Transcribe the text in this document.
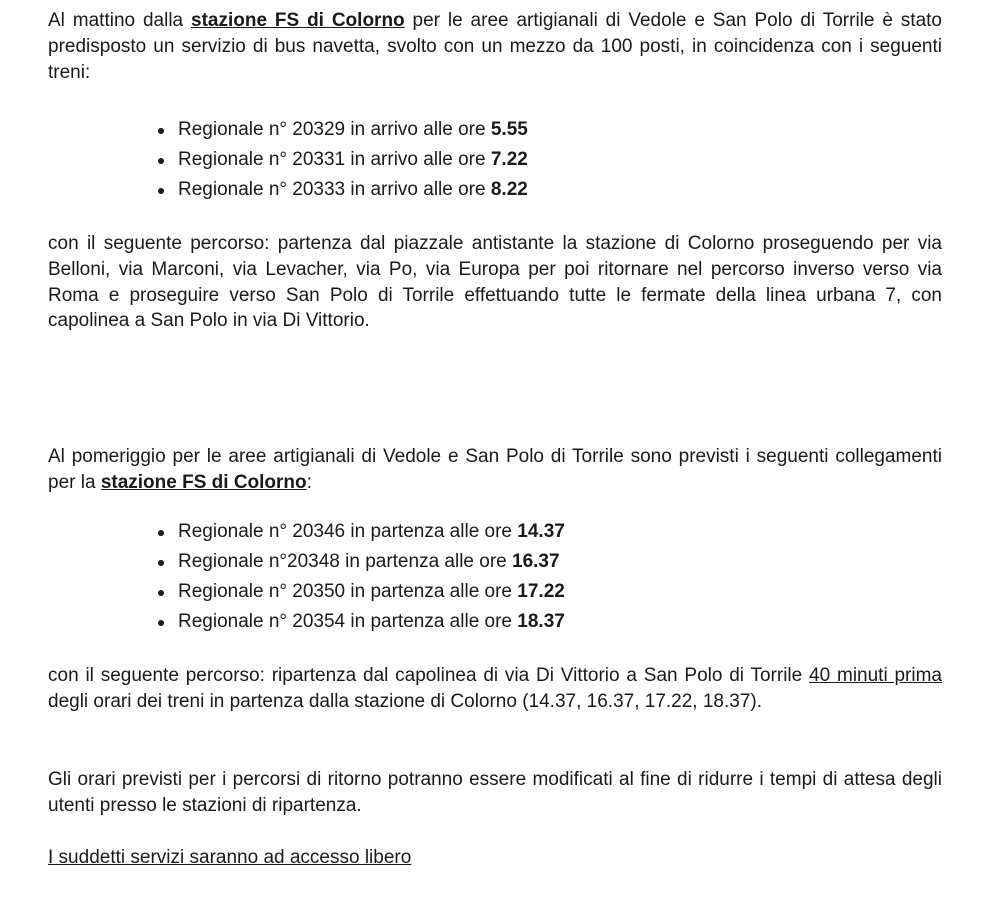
Al mattino dalla stazione FS di Colorno per le aree artigianali di Vedole e San Polo di Torrile è stato predisposto un servizio di bus navetta, svolto con un mezzo da 100 posti, in coincidenza con i seguenti treni:

Regionale n° 20329 in arrivo alle ore 5.55
Regionale n° 20331 in arrivo alle ore 7.22
Regionale n° 20333 in arrivo alle ore 8.22

con il seguente percorso: partenza dal piazzale antistante la stazione di Colorno proseguendo per via Belloni, via Marconi, via Levacher, via Po, via Europa per poi ritornare nel percorso inverso verso via Roma e proseguire verso San Polo di Torrile effettuando tutte le fermate della linea urbana 7, con capolinea a San Polo in via Di Vittorio.

Al pomeriggio per le aree artigianali di Vedole e San Polo di Torrile sono previsti i seguenti collegamenti per la stazione FS di Colorno:

Regionale n° 20346 in partenza alle ore 14.37
Regionale n°20348 in partenza alle ore 16.37
Regionale n° 20350 in partenza alle ore 17.22
Regionale n° 20354 in partenza alle ore 18.37

con il seguente percorso: ripartenza dal capolinea di via Di Vittorio a San Polo di Torrile 40 minuti prima degli orari dei treni in partenza dalla stazione di Colorno (14.37, 16.37, 17.22, 18.37).

Gli orari previsti per i percorsi di ritorno potranno essere modificati al fine di ridurre i tempi di attesa degli utenti presso le stazioni di ripartenza.

I suddetti servizi saranno ad accesso libero
